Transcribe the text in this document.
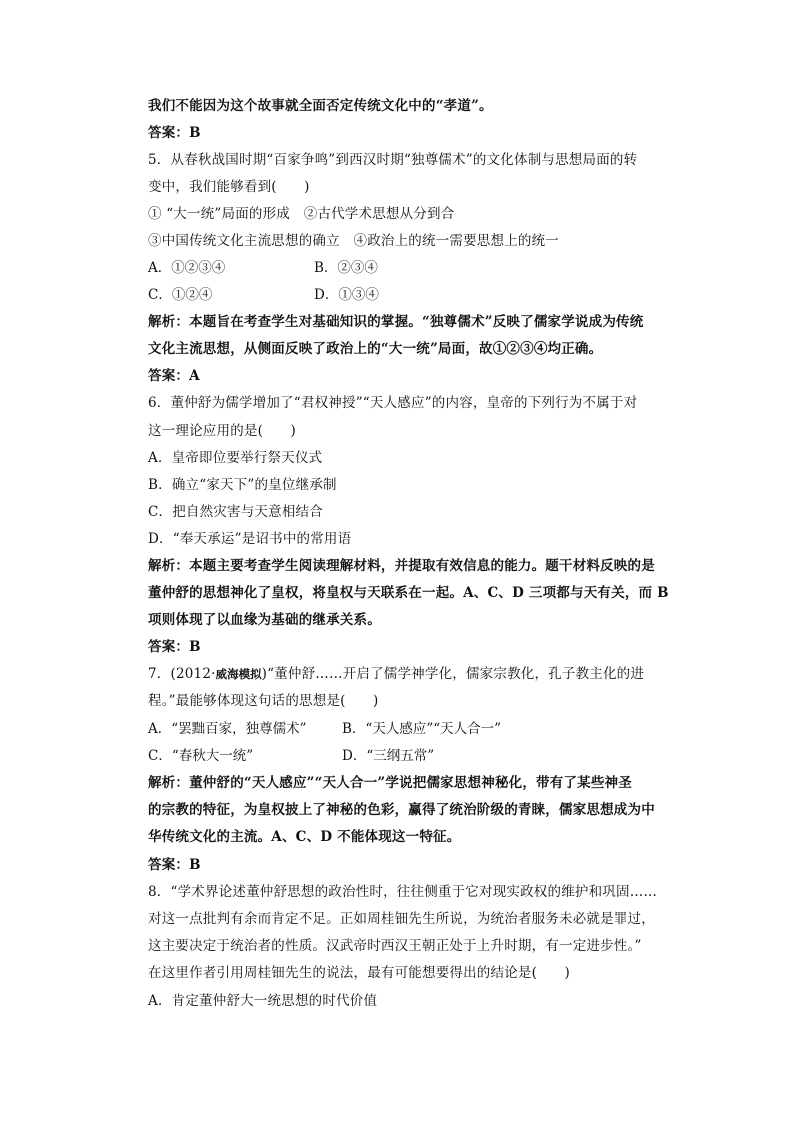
我们不能因为这个故事就全面否定传统文化中的“孝道”。
答案：B
5．从春秋战国时期“百家争鸣”到西汉时期“独尊儒术”的文化体制与思想局面的转
变中，我们能够看到(　　)
① “大一统”局面的形成　②古代学术思想从分到合
③中国传统文化主流思想的确立　④政治上的统一需要思想上的统一
A．①②③④	B．②③④
C．①②④	D．①③④
解析：本题旨在考查学生对基础知识的掌握。“独尊儒术”反映了儒家学说成为传统
文化主流思想，从侧面反映了政治上的“大一统”局面，故①②③④均正确。
答案：A
6．董仲舒为儒学增加了“君权神授”“天人感应”的内容，皇帝的下列行为不属于对
这一理论应用的是(　　)
A．皇帝即位要举行祭天仪式
B．确立“家天下”的皇位继承制
C．把自然灾害与天意相结合
D．“奉天承运”是诏书中的常用语
解析：本题主要考查学生阅读理解材料，并提取有效信息的能力。题干材料反映的是
董仲舒的思想神化了皇权，将皇权与天联系在一起。A、C、D 三项都与天有关，而 B
项则体现了以血缘为基础的继承关系。
答案：B
7．(2012·威海模拟)“董仲舒……开启了儒学神学化，儒家宗教化，孔子教主化的进
程。”最能够体现这句话的思想是(　　)
A．“罢黜百家，独尊儒术”	B．“天人感应”“天人合一”
C．“春秋大一统”	D．“三纲五常”
解析：董仲舒的“天人感应”“天人合一”学说把儒家思想神秘化，带有了某些神圣
的宗教的特征，为皇权披上了神秘的色彩，赢得了统治阶级的青睐，儒家思想成为中
华传统文化的主流。A、C、D 不能体现这一特征。
答案：B
8．“学术界论述董仲舒思想的政治性时，往往侧重于它对现实政权的维护和巩固……
对这一点批判有余而肯定不足。正如周桂钿先生所说，为统治者服务未必就是罪过，
这主要决定于统治者的性质。汉武帝时西汉王朝正处于上升时期，有一定进步性。”
在这里作者引用周桂钿先生的说法，最有可能想要得出的结论是(　　)
A．肯定董仲舒大一统思想的时代价值
